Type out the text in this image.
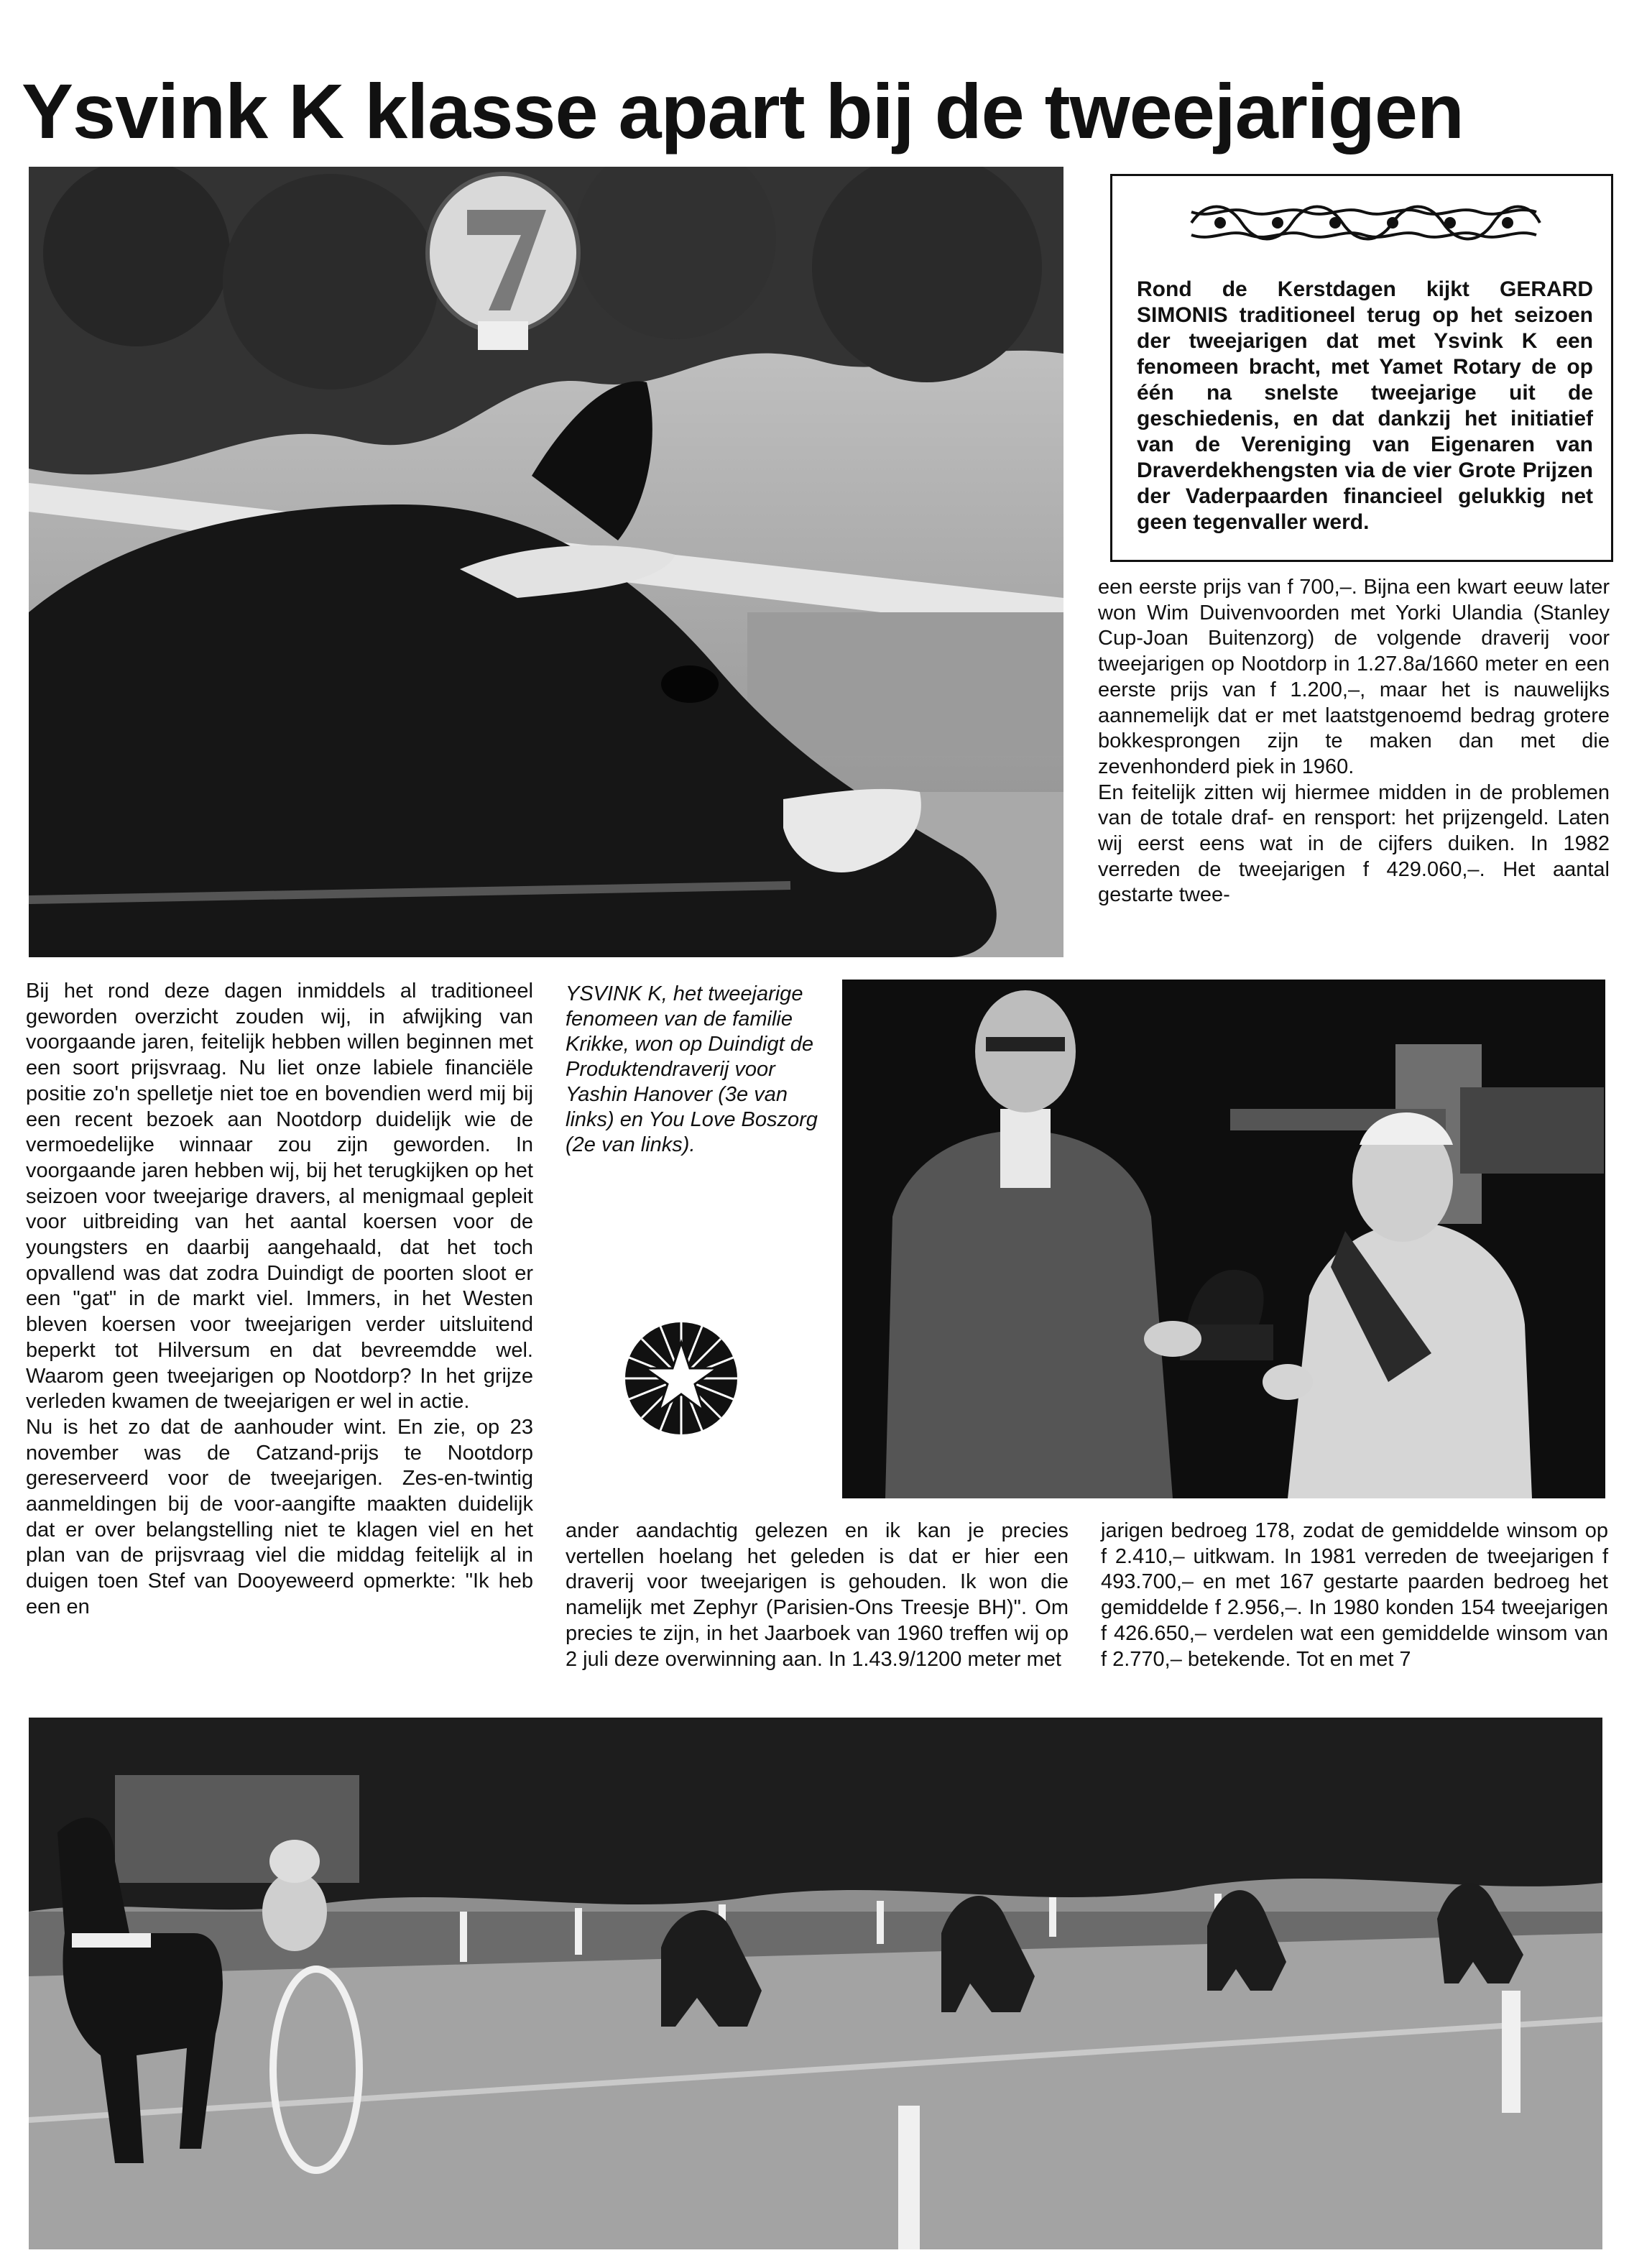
Ysvink K klasse apart bij de tweejarigen

Rond de Kerstdagen kijkt GERARD SIMONIS traditioneel terug op het seizoen der tweejarigen dat met Ysvink K een fenomeen bracht, met Yamet Rotary de op één na snelste tweejarige uit de geschiedenis, en dat dankzij het initiatief van de Vereniging van Eigenaren van Draverdekhengsten via de vier Grote Prijzen der Vaderpaarden financieel gelukkig net geen tegenvaller werd.

een eerste prijs van f 700,–. Bijna een kwart eeuw later won Wim Duivenvoorden met Yorki Ulandia (Stanley Cup-Joan Buitenzorg) de volgende draverij voor tweejarigen op Nootdorp in 1.27.8a/1660 meter en een eerste prijs van f 1.200,–, maar het is nauwelijks aannemelijk dat er met laatstgenoemd bedrag grotere bokkesprongen zijn te maken dan met die zevenhonderd piek in 1960.

En feitelijk zitten wij hiermee midden in de problemen van de totale draf- en rensport: het prijzengeld. Laten wij eerst eens wat in de cijfers duiken. In 1982 verreden de tweejarigen f 429.060,–. Het aantal gestarte twee-

Bij het rond deze dagen inmiddels al traditioneel geworden overzicht zouden wij, in afwijking van voorgaande jaren, feitelijk hebben willen beginnen met een soort prijsvraag. Nu liet onze labiele financiële positie zo'n spelletje niet toe en bovendien werd mij bij een recent bezoek aan Nootdorp duidelijk wie de vermoedelijke winnaar zou zijn geworden. In voorgaande jaren hebben wij, bij het terugkijken op het seizoen voor tweejarige dravers, al menigmaal gepleit voor uitbreiding van het aantal koersen voor de youngsters en daarbij aangehaald, dat het toch opvallend was dat zodra Duindigt de poorten sloot er een "gat" in de markt viel. Immers, in het Westen bleven koersen voor tweejarigen verder uitsluitend beperkt tot Hilversum en dat bevreemdde wel. Waarom geen tweejarigen op Nootdorp? In het grijze verleden kwamen de tweejarigen er wel in actie.

Nu is het zo dat de aanhouder wint. En zie, op 23 november was de Catzand-prijs te Nootdorp gereserveerd voor de tweejarigen. Zes-en-twintig aanmeldingen bij de voor-aangifte maakten duidelijk dat er over belangstelling niet te klagen viel en het plan van de prijsvraag viel die middag feitelijk al in duigen toen Stef van Dooyeweerd opmerkte: "Ik heb een en

YSVINK K, het tweejarige fenomeen van de familie Krikke, won op Duindigt de Produktendraverij voor Yashin Hanover (3e van links) en You Love Boszorg (2e van links).

ander aandachtig gelezen en ik kan je precies vertellen hoelang het geleden is dat er hier een draverij voor tweejarigen is gehouden. Ik won die namelijk met Zephyr (Parisien-Ons Treesje BH)". Om precies te zijn, in het Jaarboek van 1960 treffen wij op 2 juli deze overwinning aan. In 1.43.9/1200 meter met

jarigen bedroeg 178, zodat de gemiddelde winsom op f 2.410,– uitkwam. In 1981 verreden de tweejarigen f 493.700,– en met 167 gestarte paarden bedroeg het gemiddelde f 2.956,–. In 1980 konden 154 tweejarigen f 426.650,– verdelen wat een gemiddelde winsom van f 2.770,– betekende. Tot en met 7
